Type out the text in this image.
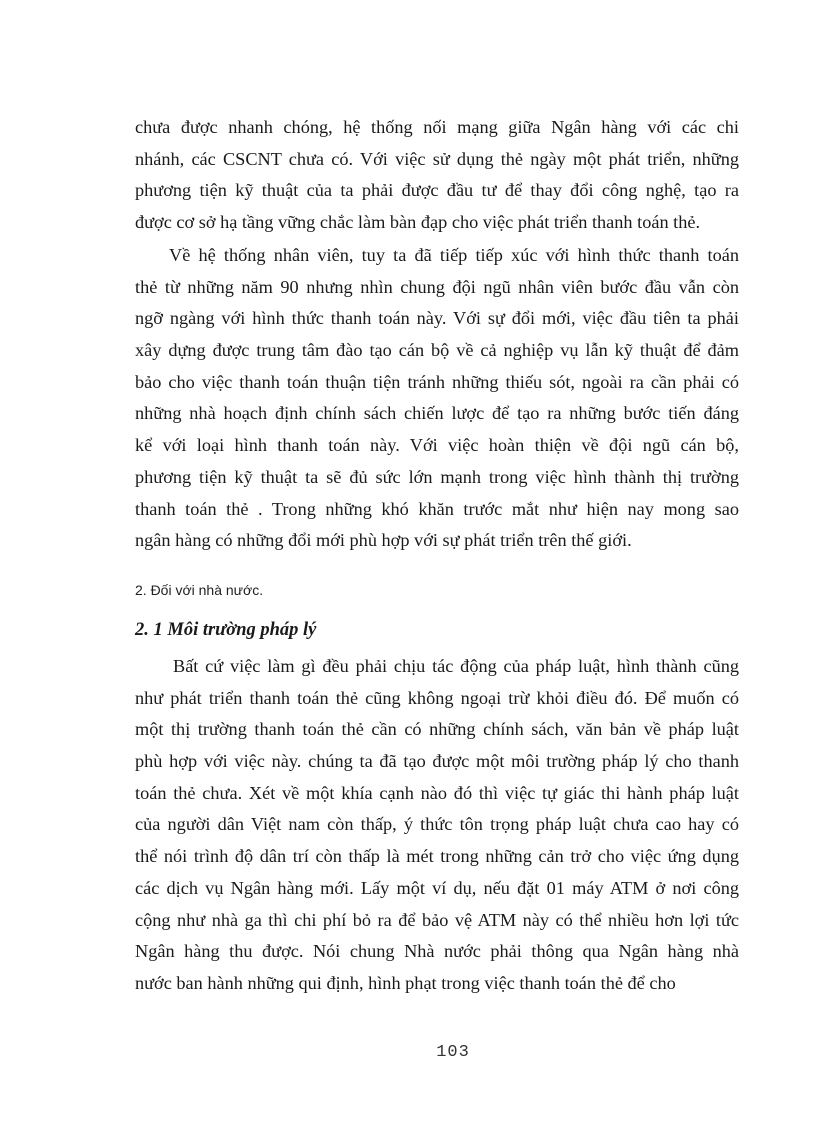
chưa được nhanh chóng, hệ thống nối mạng giữa Ngân hàng với các chi
nhánh, các CSCNT chưa có. Với việc sử dụng thẻ ngày một phát triển, những
phương tiện kỹ thuật của ta phải được đầu tư để thay đổi công nghệ, tạo ra
được cơ sở hạ tầng vững chắc làm bàn đạp cho việc phát triển thanh toán thẻ.
Về hệ thống nhân viên, tuy ta đã tiếp tiếp xúc với hình thức thanh toán
thẻ từ những năm 90 nhưng nhìn chung đội ngũ nhân viên bước đầu vẫn còn
ngỡ ngàng với hình thức thanh toán này. Với sự đổi mới, việc đầu tiên ta phải
xây dựng được trung tâm đào tạo cán bộ về cả nghiệp vụ lẫn kỹ thuật để đảm
bảo cho việc thanh toán thuận tiện tránh những thiếu sót, ngoài ra cần phải có
những nhà hoạch định chính sách chiến lược để tạo ra những bước tiến đáng
kể với loại hình thanh toán này. Với việc hoàn thiện về đội ngũ cán bộ,
phương tiện kỹ thuật ta sẽ đủ sức lớn mạnh trong việc hình thành thị trường
thanh toán thẻ . Trong những khó khăn trước mắt như hiện nay mong sao
ngân hàng có những đổi mới phù hợp với sự phát triển trên thế giới.
2. Đối với nhà nước.
2. 1 Môi trường pháp lý
Bất cứ việc làm gì đều phải chịu tác động của pháp luật, hình thành cũng
như phát triển thanh toán thẻ cũng không ngoại trừ khỏi điều đó. Để muốn có
một thị trường thanh toán thẻ cần có những chính sách, văn bản về pháp luật
phù hợp với việc này. chúng ta đã tạo được một môi trường pháp lý cho thanh
toán thẻ chưa. Xét về một khía cạnh nào đó thì việc tự giác thi hành pháp luật
của người dân Việt nam còn thấp, ý thức tôn trọng pháp luật chưa cao hay có
thể nói trình độ dân trí còn thấp là mét trong những cản trở cho việc ứng dụng
các dịch vụ Ngân hàng mới. Lấy một ví dụ, nếu đặt 01 máy ATM ở nơi công
cộng như nhà ga thì chi phí bỏ ra để bảo vệ ATM này có thể nhiều hơn lợi tức
Ngân hàng thu được. Nói chung Nhà nước phải thông qua Ngân hàng nhà
nước ban hành những qui định, hình phạt trong việc thanh toán thẻ để cho
103
